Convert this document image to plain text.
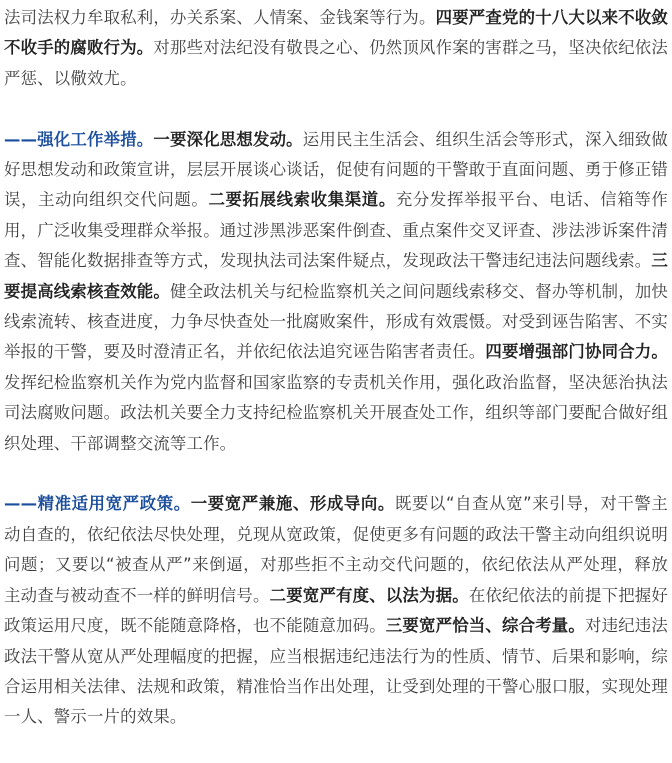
法司法权力牟取私利，办关系案、人情案、金钱案等行为。四要严查党的十八大以来不收敛不收手的腐败行为。对那些对法纪没有敬畏之心、仍然顶风作案的害群之马，坚决依纪依法严惩、以儆效尤。

——强化工作举措。一要深化思想发动。运用民主生活会、组织生活会等形式，深入细致做好思想发动和政策宣讲，层层开展谈心谈话，促使有问题的干警敢于直面问题、勇于修正错误，主动向组织交代问题。二要拓展线索收集渠道。充分发挥举报平台、电话、信箱等作用，广泛收集受理群众举报。通过涉黑涉恶案件倒查、重点案件交叉评查、涉法涉诉案件清查、智能化数据排查等方式，发现执法司法案件疑点，发现政法干警违纪违法问题线索。三要提高线索核查效能。健全政法机关与纪检监察机关之间问题线索移交、督办等机制，加快线索流转、核查进度，力争尽快查处一批腐败案件，形成有效震慑。对受到诬告陷害、不实举报的干警，要及时澄清正名，并依纪依法追究诬告陷害者责任。四要增强部门协同合力。发挥纪检监察机关作为党内监督和国家监察的专责机关作用，强化政治监督，坚决惩治执法司法腐败问题。政法机关要全力支持纪检监察机关开展查处工作，组织等部门要配合做好组织处理、干部调整交流等工作。

——精准适用宽严政策。一要宽严兼施、形成导向。既要以“自查从宽”来引导，对干警主动自查的，依纪依法尽快处理，兑现从宽政策，促使更多有问题的政法干警主动向组织说明问题；又要以“被查从严”来倒逼，对那些拒不主动交代问题的，依纪依法从严处理，释放主动查与被动查不一样的鲜明信号。二要宽严有度、以法为据。在依纪依法的前提下把握好政策运用尺度，既不能随意降格，也不能随意加码。三要宽严恰当、综合考量。对违纪违法政法干警从宽从严处理幅度的把握，应当根据违纪违法行为的性质、情节、后果和影响，综合运用相关法律、法规和政策，精准恰当作出处理，让受到处理的干警心服口服，实现处理一人、警示一片的效果。
